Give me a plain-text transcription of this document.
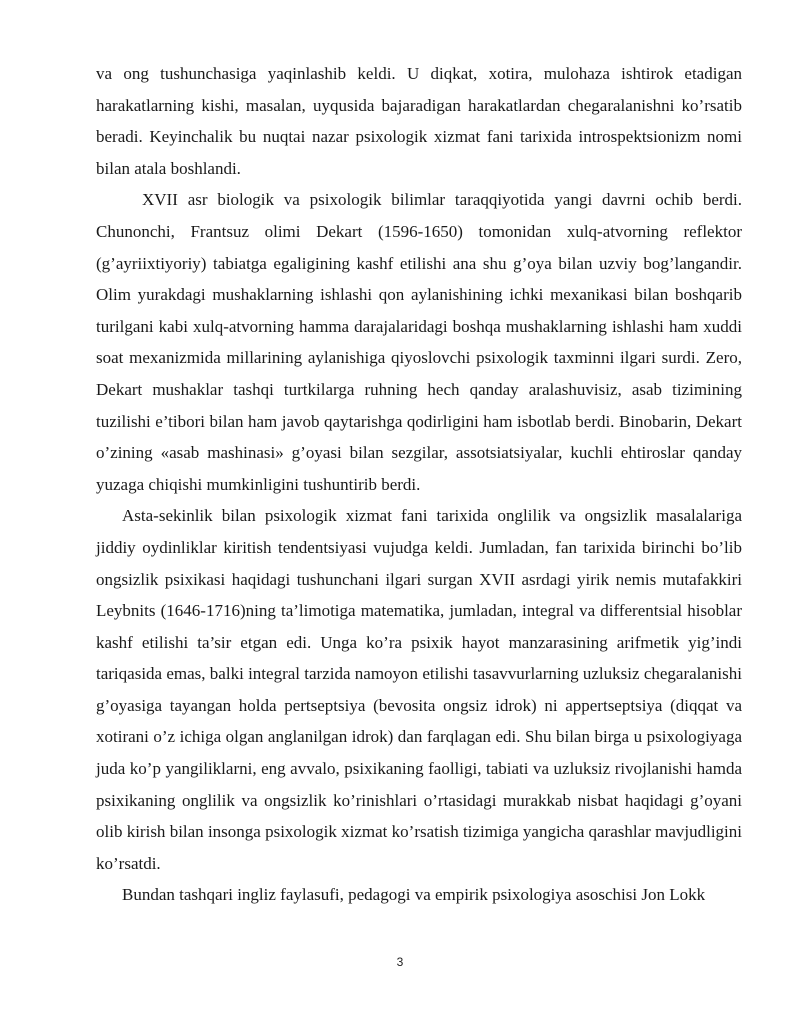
va ong tushunchasiga yaqinlashib keldi. U diqkat, xotira, mulohaza ishtirok etadigan harakatlarning kishi, masalan, uyqusida bajaradigan harakatlardan chegaralanishni ko’rsatib beradi. Keyinchalik bu nuqtai nazar psixologik xizmat fani tarixida introspektsionizm nomi bilan atala boshlandi.

XVII asr biologik va psixologik bilimlar taraqqiyotida yangi davrni ochib berdi. Chunonchi, Frantsuz olimi Dekart (1596-1650) tomonidan xulq-atvorning reflektor (g’ayriixtiyoriy) tabiatga egaligining kashf etilishi ana shu g’oya bilan uzviy bog’langandir. Olim yurakdagi mushaklarning ishlashi qon aylanishining ichki mexanikasi bilan boshqarib turilgani kabi xulq-atvorning hamma darajalaridagi boshqa mushaklarning ishlashi ham xuddi soat mexanizmida millarining aylanishiga qiyoslovchi psixologik taxminni ilgari surdi. Zero, Dekart mushaklar tashqi turtkilarga ruhning hech qanday aralashuvisiz, asab tizimining tuzilishi e’tibori bilan ham javob qaytarishga qodirligini ham isbotlab berdi. Binobarin, Dekart o’zining «asab mashinasi» g’oyasi bilan sezgilar, assotsiatsiyalar, kuchli ehtiroslar qanday yuzaga chiqishi mumkinligini tushuntirib berdi.

Asta-sekinlik bilan psixologik xizmat fani tarixida onglilik va ongsizlik masalalariga jiddiy oydinliklar kiritish tendentsiyasi vujudga keldi. Jumladan, fan tarixida birinchi bo’lib ongsizlik psixikasi haqidagi tushunchani ilgari surgan XVII asrdagi yirik nemis mutafakkiri Leybnits (1646-1716)ning ta’limotiga matematika, jumladan, integral va differentsial hisoblar kashf etilishi ta’sir etgan edi. Unga ko’ra psixik hayot manzarasining arifmetik yig’indi tariqasida emas, balki integral tarzida namoyon etilishi tasavvurlarning uzluksiz chegaralanishi g’oyasiga tayangan holda pertseptsiya (bevosita ongsiz idrok) ni appertseptsiya (diqqat va xotirani o’z ichiga olgan anglanilgan idrok) dan farqlagan edi. Shu bilan birga u psixologiyaga juda ko’p yangiliklarni, eng avvalo, psixikaning faolligi, tabiati va uzluksiz rivojlanishi hamda psixikaning onglilik va ongsizlik ko’rinishlari o’rtasidagi murakkab nisbat haqidagi g’oyani olib kirish bilan insonga psixologik xizmat ko’rsatish tizimiga yangicha qarashlar mavjudligini ko’rsatdi.

Bundan tashqari ingliz faylasufi, pedagogi va empirik psixologiya asoschisi Jon Lokk

3
